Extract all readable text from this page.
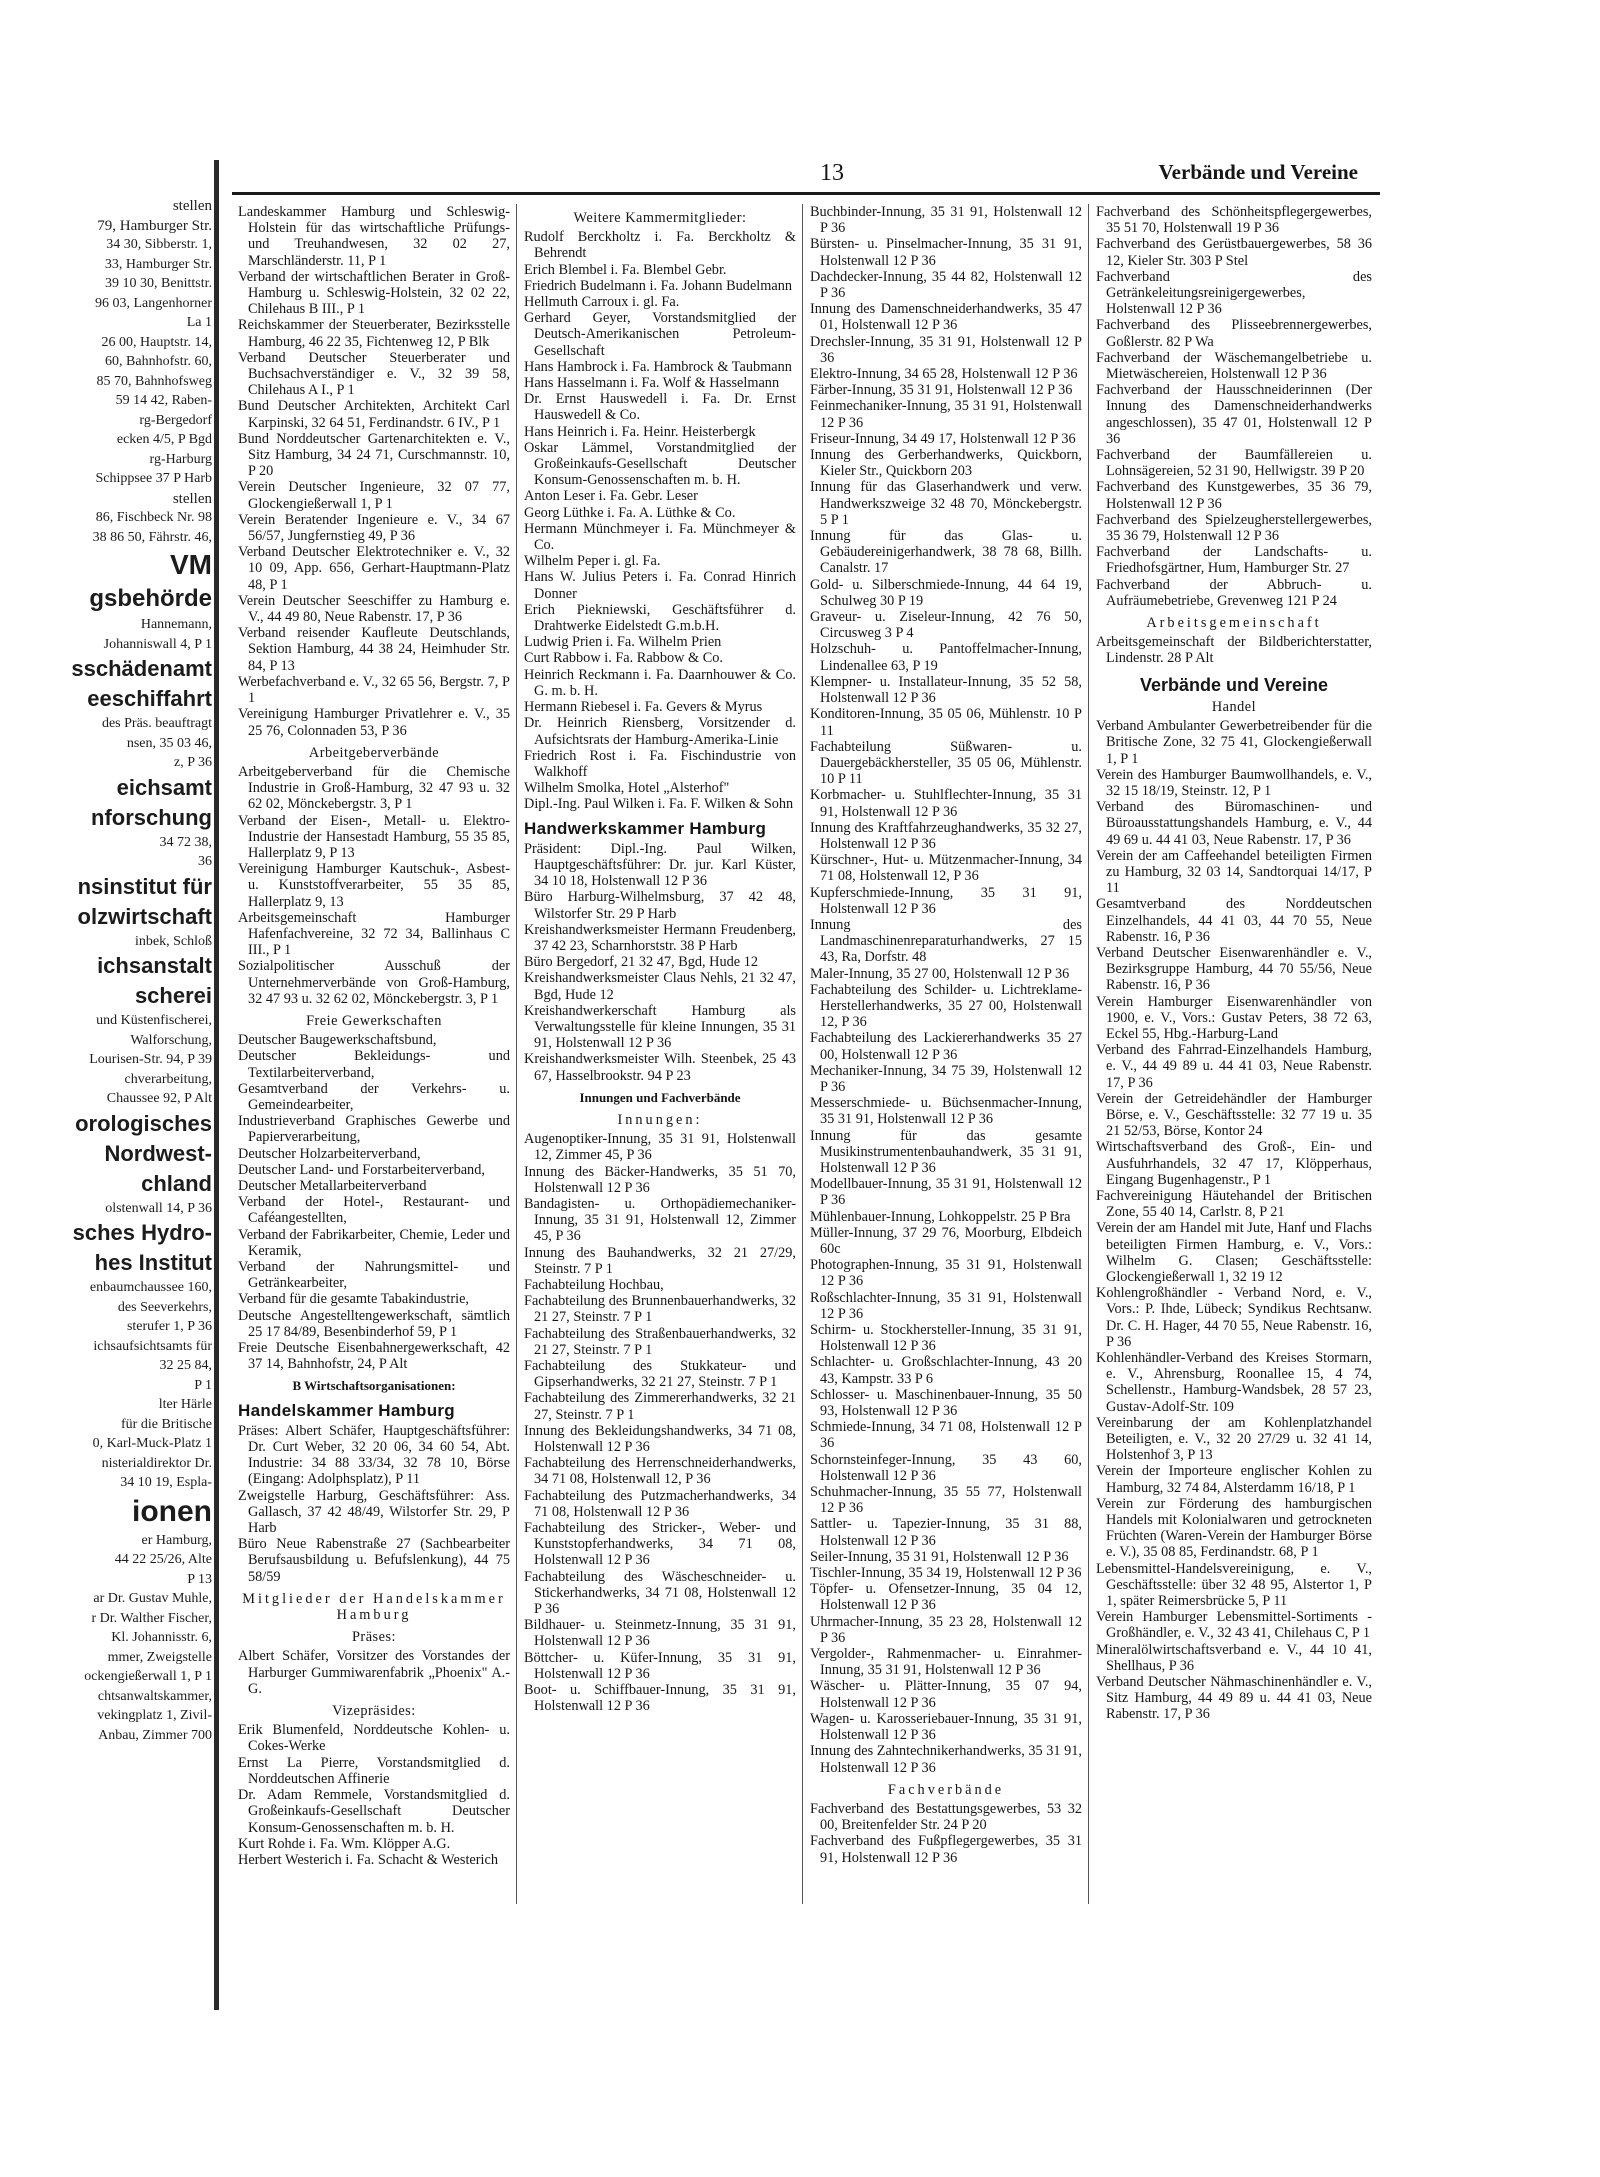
stellen
79, Hamburger Str.
34 30, Sibberstr. 1,
33, Hamburger Str.
39 10 30, Benittstr.
96 03, Langenhorner
La 1
26 00, Hauptstr. 14,
60, Bahnhofstr. 60,
85 70, Bahnhofsweg
59 14 42, Raben-
rg-Bergedorf
ecken 4/5, P Bgd
rg-Harburg
Schippsee 37 P Harb
stellen
86, Fischbeck Nr. 98
38 86 50, Fährstr. 46,
VM
gsbehörde
Hannemann,
Johanniswall 4, P 1
sschädenamt
eeschiffahrt
des Präs. beauftragt
nsen, 35 03 46,
z, P 36
eichsamt
nforschung
34 72 38,
36
nsinstitut für
olzwirtschaft
inbek, Schloß
ichsanstalt
scherei
und Küstenfischerei,
Walforschung,
Lourisen-Str. 94, P 39
chverarbeitung,
Chaussee 92, P Alt
orologisches
Nordwest-
chland
olstenwall 14, P 36
sches Hydro-
hes Institut
enbaumchaussee 160,
des Seeverkehrs,
sterufer 1, P 36
ichsaufsichtsamts für
32 25 84,
P 1
lter Härle
für die Britische
0, Karl-Muck-Platz 1
nisterialdirektor Dr.
34 10 19, Espla-
ionen
er Hamburg,
44 22 25/26, Alte
P 13
ar Dr. Gustav Muhle,
r Dr. Walther Fischer,
Kl. Johannisstr. 6,
mmer, Zweigstelle
ockengießerwall 1, P 1
chtsanwaltskammer,
vekingplatz 1, Zivil-
Anbau, Zimmer 700
13	Verbände und Vereine

Landeskammer Hamburg und Schleswig-Holstein für das wirtschaftliche Prüfungs- und Treuhandwesen, 32 02 27, Marschländerstr. 11, P 1

Verband der wirtschaftlichen Berater in Groß-Hamburg u. Schleswig-Holstein, 32 02 22, Chilehaus B III., P 1

Reichskammer der Steuerberater, Bezirksstelle Hamburg, 46 22 35, Fichtenweg 12, P Blk

Verband Deutscher Steuerberater und Buchsachverständiger e. V., 32 39 58, Chilehaus A I., P 1

Bund Deutscher Architekten, Architekt Carl Karpinski, 32 64 51, Ferdinandstr. 6 IV., P 1

Bund Norddeutscher Gartenarchitekten e. V., Sitz Hamburg, 34 24 71, Curschmannstr. 10, P 20

Verein Deutscher Ingenieure, 32 07 77, Glockengießerwall 1, P 1

Verein Beratender Ingenieure e. V., 34 67 56/57, Jungfernstieg 49, P 36

Verband Deutscher Elektrotechniker e. V., 32 10 09, App. 656, Gerhart-Hauptmann-Platz 48, P 1

Verein Deutscher Seeschiffer zu Hamburg e. V., 44 49 80, Neue Rabenstr. 17, P 36

Verband reisender Kaufleute Deutschlands, Sektion Hamburg, 44 38 24, Heimhuder Str. 84, P 13

Werbefachverband e. V., 32 65 56, Bergstr. 7, P 1

Vereinigung Hamburger Privatlehrer e. V., 35 25 76, Colonnaden 53, P 36

Arbeitgeberverbände

Arbeitgeberverband für die Chemische Industrie in Groß-Hamburg, 32 47 93 u. 32 62 02, Mönckebergstr. 3, P 1

Verband der Eisen-, Metall- u. Elektro-Industrie der Hansestadt Hamburg, 55 35 85, Hallerplatz 9, P 13

Vereinigung Hamburger Kautschuk-, Asbest- u. Kunststoffverarbeiter, 55 35 85, Hallerplatz 9, 13

Arbeitsgemeinschaft Hamburger Hafenfachvereine, 32 72 34, Ballinhaus C III., P 1

Sozialpolitischer Ausschuß der Unternehmerverbände von Groß-Hamburg, 32 47 93 u. 32 62 02, Mönckebergstr. 3, P 1

Freie Gewerkschaften

Deutscher Baugewerkschaftsbund,

Deutscher Bekleidungs- und Textilarbeiterverband,

Gesamtverband der Verkehrs- u. Gemeindearbeiter,

Industrieverband Graphisches Gewerbe und Papierverarbeitung,

Deutscher Holzarbeiterverband,

Deutscher Land- und Forstarbeiterverband,

Deutscher Metallarbeiterverband

Verband der Hotel-, Restaurant- und Caféangestellten,

Verband der Fabrikarbeiter, Chemie, Leder und Keramik,

Verband der Nahrungsmittel- und Getränkearbeiter,

Verband für die gesamte Tabakindustrie,

Deutsche Angestelltengewerkschaft, sämtlich 25 17 84/89, Besenbinderhof 59, P 1

Freie Deutsche Eisenbahnergewerkschaft, 42 37 14, Bahnhofstr, 24, P Alt

B Wirtschaftsorganisationen:

Handelskammer Hamburg

Präses: Albert Schäfer, Hauptgeschäftsführer: Dr. Curt Weber, 32 20 06, 34 60 54, Abt. Industrie: 34 88 33/34, 32 78 10, Börse (Eingang: Adolphsplatz), P 11

Zweigstelle Harburg, Geschäftsführer: Ass. Gallasch, 37 42 48/49, Wilstorfer Str. 29, P Harb

Büro Neue Rabenstraße 27 (Sachbearbeiter Berufsausbildung u. Befufslenkung), 44 75 58/59

Mitglieder der Handelskammer Hamburg

Präses:

Albert Schäfer, Vorsitzer des Vorstandes der Harburger Gummiwarenfabrik „Phoenix" A.-G.

Vizepräsides:

Erik Blumenfeld, Norddeutsche Kohlen- u. Cokes-Werke

Ernst La Pierre, Vorstandsmitglied d. Norddeutschen Affinerie

Dr. Adam Remmele, Vorstandsmitglied d. Großeinkaufs-Gesellschaft Deutscher Konsum-Genossenschaften m. b. H.

Kurt Rohde i. Fa. Wm. Klöpper A.G.

Herbert Westerich i. Fa. Schacht & Westerich

Weitere Kammermitglieder:

Rudolf Berckholtz i. Fa. Berckholtz & Behrendt

Erich Blembel i. Fa. Blembel Gebr.

Friedrich Budelmann i. Fa. Johann Budelmann

Hellmuth Carroux i. gl. Fa.

Gerhard Geyer, Vorstandsmitglied der Deutsch-Amerikanischen Petroleum-Gesellschaft

Hans Hambrock i. Fa. Hambrock & Taubmann

Hans Hasselmann i. Fa. Wolf & Hasselmann

Dr. Ernst Hauswedell i. Fa. Dr. Ernst Hauswedell & Co.

Hans Heinrich i. Fa. Heinr. Heisterbergk

Oskar Lämmel, Vorstandmitglied der Großeinkaufs-Gesellschaft Deutscher Konsum-Genossenschaften m. b. H.

Anton Leser i. Fa. Gebr. Leser

Georg Lüthke i. Fa. A. Lüthke & Co.

Hermann Münchmeyer i. Fa. Münchmeyer & Co.

Wilhelm Peper i. gl. Fa.

Hans W. Julius Peters i. Fa. Conrad Hinrich Donner

Erich Piekniewski, Geschäftsführer d. Drahtwerke Eidelstedt G.m.b.H.

Ludwig Prien i. Fa. Wilhelm Prien

Curt Rabbow i. Fa. Rabbow & Co.

Heinrich Reckmann i. Fa. Daarnhouwer & Co. G. m. b. H.

Hermann Riebesel i. Fa. Gevers & Myrus

Dr. Heinrich Riensberg, Vorsitzender d. Aufsichtsrats der Hamburg-Amerika-Linie

Friedrich Rost i. Fa. Fischindustrie von Walkhoff

Wilhelm Smolka, Hotel „Alsterhof"

Dipl.-Ing. Paul Wilken i. Fa. F. Wilken & Sohn

Handwerkskammer Hamburg

Präsident: Dipl.-Ing. Paul Wilken, Hauptgeschäftsführer: Dr. jur. Karl Küster, 34 10 18, Holstenwall 12 P 36

Büro Harburg-Wilhelmsburg, 37 42 48, Wilstorfer Str. 29 P Harb

Kreishandwerksmeister Hermann Freudenberg, 37 42 23, Scharnhorststr. 38 P Harb

Büro Bergedorf, 21 32 47, Bgd, Hude 12

Kreishandwerksmeister Claus Nehls, 21 32 47, Bgd, Hude 12

Kreishandwerkerschaft Hamburg als Verwaltungsstelle für kleine Innungen, 35 31 91, Holstenwall 12 P 36

Kreishandwerksmeister Wilh. Steenbek, 25 43 67, Hasselbrookstr. 94 P 23

Innungen und Fachverbände

Innungen:

Augenoptiker-Innung, 35 31 91, Holstenwall 12, Zimmer 45, P 36

Innung des Bäcker-Handwerks, 35 51 70, Holstenwall 12 P 36

Bandagisten- u. Orthopädiemechaniker-Innung, 35 31 91, Holstenwall 12, Zimmer 45, P 36

Innung des Bauhandwerks, 32 21 27/29, Steinstr. 7 P 1

Fachabteilung Hochbau,

Fachabteilung des Brunnenbauerhandwerks, 32 21 27, Steinstr. 7 P 1

Fachabteilung des Straßenbauerhandwerks, 32 21 27, Steinstr. 7 P 1

Fachabteilung des Stukkateur- und Gipserhandwerks, 32 21 27, Steinstr. 7 P 1

Fachabteilung des Zimmererhandwerks, 32 21 27, Steinstr. 7 P 1

Innung des Bekleidungshandwerks, 34 71 08, Holstenwall 12 P 36

Fachabteilung des Herrenschneiderhandwerks, 34 71 08, Holstenwall 12, P 36

Fachabteilung des Putzmacherhandwerks, 34 71 08, Holstenwall 12 P 36

Fachabteilung des Stricker-, Weber- und Kunststopferhandwerks, 34 71 08, Holstenwall 12 P 36

Fachabteilung des Wäscheschneider- u. Stickerhandwerks, 34 71 08, Holstenwall 12 P 36

Bildhauer- u. Steinmetz-Innung, 35 31 91, Holstenwall 12 P 36

Böttcher- u. Küfer-Innung, 35 31 91, Holstenwall 12 P 36

Boot- u. Schiffbauer-Innung, 35 31 91, Holstenwall 12 P 36

Buchbinder-Innung, 35 31 91, Holstenwall 12 P 36

Bürsten- u. Pinselmacher-Innung, 35 31 91, Holstenwall 12 P 36

Dachdecker-Innung, 35 44 82, Holstenwall 12 P 36

Innung des Damenschneiderhandwerks, 35 47 01, Holstenwall 12 P 36

Drechsler-Innung, 35 31 91, Holstenwall 12 P 36

Elektro-Innung, 34 65 28, Holstenwall 12 P 36

Färber-Innung, 35 31 91, Holstenwall 12 P 36

Feinmechaniker-Innung, 35 31 91, Holstenwall 12 P 36

Friseur-Innung, 34 49 17, Holstenwall 12 P 36

Innung des Gerberhandwerks, Quickborn, Kieler Str., Quickborn 203

Innung für das Glaserhandwerk und verw. Handwerkszweige 32 48 70, Mönckebergstr. 5 P 1

Innung für das Glas- u. Gebäudereinigerhandwerk, 38 78 68, Billh. Canalstr. 17

Gold- u. Silberschmiede-Innung, 44 64 19, Schulweg 30 P 19

Graveur- u. Ziseleur-Innung, 42 76 50, Circusweg 3 P 4

Holzschuh- u. Pantoffelmacher-Innung, Lindenallee 63, P 19

Klempner- u. Installateur-Innung, 35 52 58, Holstenwall 12 P 36

Konditoren-Innung, 35 05 06, Mühlenstr. 10 P 11

Fachabteilung Süßwaren- u. Dauergebäckhersteller, 35 05 06, Mühlenstr. 10 P 11

Korbmacher- u. Stuhlflechter-Innung, 35 31 91, Holstenwall 12 P 36

Innung des Kraftfahrzeughandwerks, 35 32 27, Holstenwall 12 P 36

Kürschner-, Hut- u. Mützenmacher-Innung, 34 71 08, Holstenwall 12, P 36

Kupferschmiede-Innung, 35 31 91, Holstenwall 12 P 36

Innung des Landmaschinenreparaturhandwerks, 27 15 43, Ra, Dorfstr. 48

Maler-Innung, 35 27 00, Holstenwall 12 P 36

Fachabteilung des Schilder- u. Lichtreklame-Herstellerhandwerks, 35 27 00, Holstenwall 12, P 36

Fachabteilung des Lackiererhandwerks 35 27 00, Holstenwall 12 P 36

Mechaniker-Innung, 34 75 39, Holstenwall 12 P 36

Messerschmiede- u. Büchsenmacher-Innung, 35 31 91, Holstenwall 12 P 36

Innung für das gesamte Musikinstrumentenbauhandwerk, 35 31 91, Holstenwall 12 P 36

Modellbauer-Innung, 35 31 91, Holstenwall 12 P 36

Mühlenbauer-Innung, Lohkoppelstr. 25 P Bra

Müller-Innung, 37 29 76, Moorburg, Elbdeich 60c

Photographen-Innung, 35 31 91, Holstenwall 12 P 36

Roßschlachter-Innung, 35 31 91, Holstenwall 12 P 36

Schirm- u. Stockhersteller-Innung, 35 31 91, Holstenwall 12 P 36

Schlachter- u. Großschlachter-Innung, 43 20 43, Kampstr. 33 P 6

Schlosser- u. Maschinenbauer-Innung, 35 50 93, Holstenwall 12 P 36

Schmiede-Innung, 34 71 08, Holstenwall 12 P 36

Schornsteinfeger-Innung, 35 43 60, Holstenwall 12 P 36

Schuhmacher-Innung, 35 55 77, Holstenwall 12 P 36

Sattler- u. Tapezier-Innung, 35 31 88, Holstenwall 12 P 36

Seiler-Innung, 35 31 91, Holstenwall 12 P 36

Tischler-Innung, 35 34 19, Holstenwall 12 P 36

Töpfer- u. Ofensetzer-Innung, 35 04 12, Holstenwall 12 P 36

Uhrmacher-Innung, 35 23 28, Holstenwall 12 P 36

Vergolder-, Rahmenmacher- u. Einrahmer-Innung, 35 31 91, Holstenwall 12 P 36

Wäscher- u. Plätter-Innung, 35 07 94, Holstenwall 12 P 36

Wagen- u. Karosseriebauer-Innung, 35 31 91, Holstenwall 12 P 36

Innung des Zahntechnikerhandwerks, 35 31 91, Holstenwall 12 P 36

Fachverbände

Fachverband des Bestattungsgewerbes, 53 32 00, Breitenfelder Str. 24 P 20

Fachverband des Fußpflegergewerbes, 35 31 91, Holstenwall 12 P 36

Fachverband des Schönheitspflegergewerbes, 35 51 70, Holstenwall 19 P 36

Fachverband des Gerüstbauergewerbes, 58 36 12, Kieler Str. 303 P Stel

Fachverband des Getränkeleitungsreinigergewerbes, Holstenwall 12 P 36

Fachverband des Plisseebrennergewerbes, Goßlerstr. 82 P Wa

Fachverband der Wäschemangelbetriebe u. Mietwäschereien, Holstenwall 12 P 36

Fachverband der Hausschneiderinnen (Der Innung des Damenschneiderhandwerks angeschlossen), 35 47 01, Holstenwall 12 P 36

Fachverband der Baumfällereien u. Lohnsägereien, 52 31 90, Hellwigstr. 39 P 20

Fachverband des Kunstgewerbes, 35 36 79, Holstenwall 12 P 36

Fachverband des Spielzeugherstellergewerbes, 35 36 79, Holstenwall 12 P 36

Fachverband der Landschafts- u. Friedhofsgärtner, Hum, Hamburger Str. 27

Fachverband der Abbruch- u. Aufräumebetriebe, Grevenweg 121 P 24

Arbeitsgemeinschaft

Arbeitsgemeinschaft der Bildberichterstatter, Lindenstr. 28 P Alt

Verbände und Vereine

Handel

Verband Ambulanter Gewerbetreibender für die Britische Zone, 32 75 41, Glockengießerwall 1, P 1

Verein des Hamburger Baumwollhandels, e. V., 32 15 18/19, Steinstr. 12, P 1

Verband des Büromaschinen- und Büroausstattungshandels Hamburg, e. V., 44 49 69 u. 44 41 03, Neue Rabenstr. 17, P 36

Verein der am Caffeehandel beteiligten Firmen zu Hamburg, 32 03 14, Sandtorquai 14/17, P 11

Gesamtverband des Norddeutschen Einzelhandels, 44 41 03, 44 70 55, Neue Rabenstr. 16, P 36

Verband Deutscher Eisenwarenhändler e. V., Bezirksgruppe Hamburg, 44 70 55/56, Neue Rabenstr. 16, P 36

Verein Hamburger Eisenwarenhändler von 1900, e. V., Vors.: Gustav Peters, 38 72 63, Eckel 55, Hbg.-Harburg-Land

Verband des Fahrrad-Einzelhandels Hamburg, e. V., 44 49 89 u. 44 41 03, Neue Rabenstr. 17, P 36

Verein der Getreidehändler der Hamburger Börse, e. V., Geschäftsstelle: 32 77 19 u. 35 21 52/53, Börse, Kontor 24

Wirtschaftsverband des Groß-, Ein- und Ausfuhrhandels, 32 47 17, Klöpperhaus, Eingang Bugenhagenstr., P 1

Fachvereinigung Häutehandel der Britischen Zone, 55 40 14, Carlstr. 8, P 21

Verein der am Handel mit Jute, Hanf und Flachs beteiligten Firmen Hamburg, e. V., Vors.: Wilhelm G. Clasen; Geschäftsstelle: Glockengießerwall 1, 32 19 12

Kohlengroßhändler - Verband Nord, e. V., Vors.: P. Ihde, Lübeck; Syndikus Rechtsanw. Dr. C. H. Hager, 44 70 55, Neue Rabenstr. 16, P 36

Kohlenhändler-Verband des Kreises Stormarn, e. V., Ahrensburg, Roonallee 15, 4 74, Schellenstr., Hamburg-Wandsbek, 28 57 23, Gustav-Adolf-Str. 109

Vereinbarung der am Kohlenplatzhandel Beteiligten, e. V., 32 20 27/29 u. 32 41 14, Holstenhof 3, P 13

Verein der Importeure englischer Kohlen zu Hamburg, 32 74 84, Alsterdamm 16/18, P 1

Verein zur Förderung des hamburgischen Handels mit Kolonialwaren und getrockneten Früchten (Waren-Verein der Hamburger Börse e. V.), 35 08 85, Ferdinandstr. 68, P 1

Lebensmittel-Handelsvereinigung, e. V., Geschäftsstelle: über 32 48 95, Alstertor 1, P 1, später Reimersbrücke 5, P 11

Verein Hamburger Lebensmittel-Sortiments - Großhändler, e. V., 32 43 41, Chilehaus C, P 1

Mineralölwirtschaftsverband e. V., 44 10 41, Shellhaus, P 36

Verband Deutscher Nähmaschinenhändler e. V., Sitz Hamburg, 44 49 89 u. 44 41 03, Neue Rabenstr. 17, P 36
